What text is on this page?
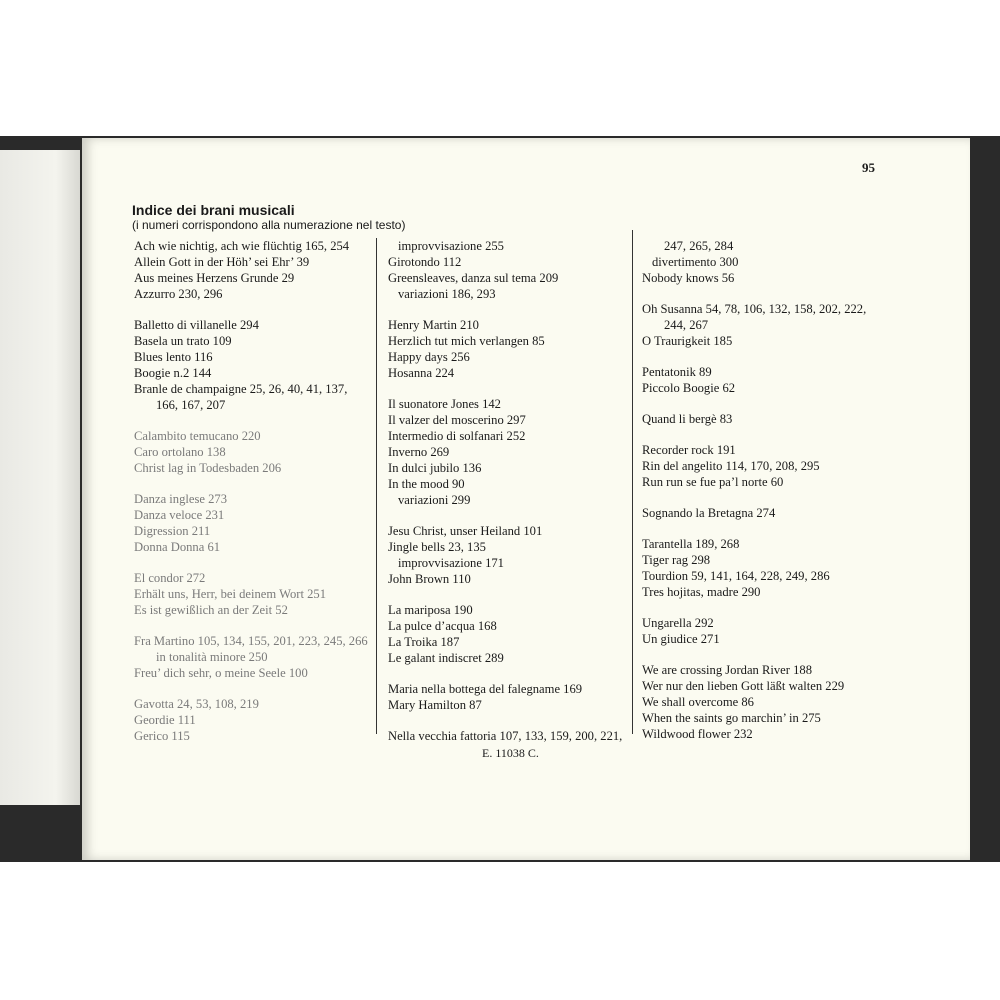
95
Indice dei brani musicali
(i numeri corrispondono alla numerazione nel testo)
Ach wie nichtig, ach wie flüchtig 165, 254
Allein Gott in der Höh’ sei Ehr’ 39
Aus meines Herzens Grunde 29
Azzurro 230, 296
Balletto di villanelle 294
Basela un trato 109
Blues lento 116
Boogie n.2 144
Branle de champaigne 25, 26, 40, 41, 137,
166, 167, 207
Calambito temucano 220
Caro ortolano 138
Christ lag in Todesbaden 206
Danza inglese 273
Danza veloce 231
Digression 211
Donna Donna 61
El condor 272
Erhält uns, Herr, bei deinem Wort 251
Es ist gewißlich an der Zeit 52
Fra Martino 105, 134, 155, 201, 223, 245, 266
in tonalità minore 250
Freu’ dich sehr, o meine Seele 100
Gavotta 24, 53, 108, 219
Geordie 111
Gerico 115
improvvisazione 255
Girotondo 112
Greensleaves, danza sul tema 209
variazioni 186, 293
Henry Martin 210
Herzlich tut mich verlangen 85
Happy days 256
Hosanna 224
Il suonatore Jones 142
Il valzer del moscerino 297
Intermedio di solfanari 252
Inverno 269
In dulci jubilo 136
In the mood 90
variazioni 299
Jesu Christ, unser Heiland 101
Jingle bells 23, 135
improvvisazione 171
John Brown 110
La mariposa 190
La pulce d’acqua 168
La Troika 187
Le galant indiscret 289
Maria nella bottega del falegname 169
Mary Hamilton 87
Nella vecchia fattoria 107, 133, 159, 200, 221,
247, 265, 284
divertimento 300
Nobody knows 56
Oh Susanna 54, 78, 106, 132, 158, 202, 222,
244, 267
O Traurigkeit 185
Pentatonik 89
Piccolo Boogie 62
Quand li bergè 83
Recorder rock 191
Rin del angelito 114, 170, 208, 295
Run run se fue pa’l norte 60
Sognando la Bretagna 274
Tarantella 189, 268
Tiger rag 298
Tourdion 59, 141, 164, 228, 249, 286
Tres hojitas, madre 290
Ungarella 292
Un giudice 271
We are crossing Jordan River 188
Wer nur den lieben Gott läßt walten 229
We shall overcome 86
When the saints go marchin’ in 275
Wildwood flower 232
E. 11038 C.
